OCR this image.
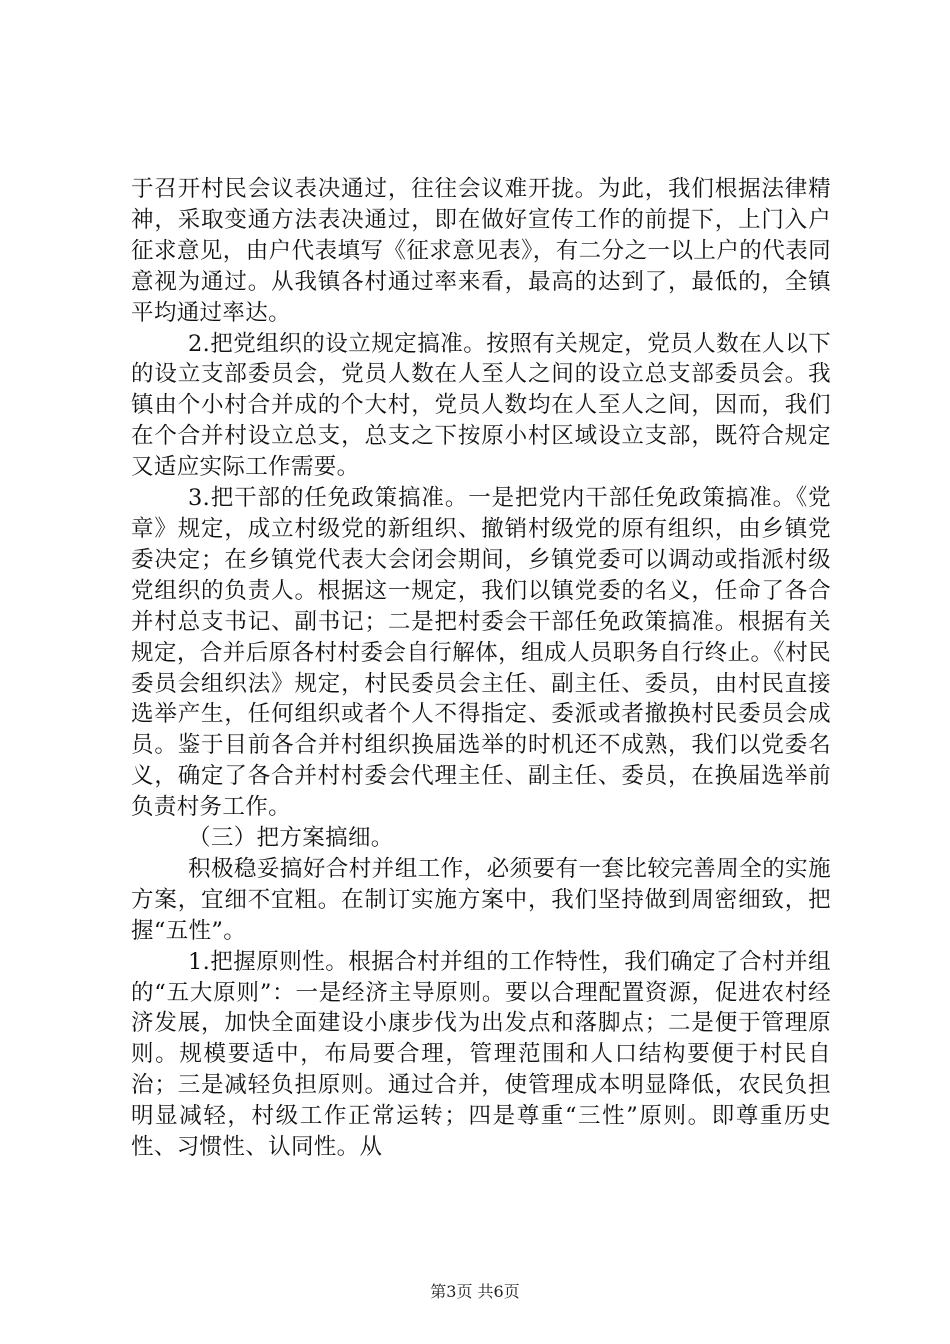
于召开村民会议表决通过，往往会议难开拢。为此，我们根据法律精神，采取变通方法表决通过，即在做好宣传工作的前提下，上门入户征求意见，由户代表填写《征求意见表》，有二分之一以上户的代表同意视为通过。从我镇各村通过率来看，最高的达到了，最低的，全镇平均通过率达。

2.把党组织的设立规定搞准。按照有关规定，党员人数在人以下的设立支部委员会，党员人数在人至人之间的设立总支部委员会。我镇由个小村合并成的个大村，党员人数均在人至人之间，因而，我们在个合并村设立总支，总支之下按原小村区域设立支部，既符合规定又适应实际工作需要。

3.把干部的任免政策搞准。一是把党内干部任免政策搞准。《党章》规定，成立村级党的新组织、撤销村级党的原有组织，由乡镇党委决定；在乡镇党代表大会闭会期间，乡镇党委可以调动或指派村级党组织的负责人。根据这一规定，我们以镇党委的名义，任命了各合并村总支书记、副书记；二是把村委会干部任免政策搞准。根据有关规定，合并后原各村村委会自行解体，组成人员职务自行终止。《村民委员会组织法》规定，村民委员会主任、副主任、委员，由村民直接选举产生，任何组织或者个人不得指定、委派或者撤换村民委员会成员。鉴于目前各合并村组织换届选举的时机还不成熟，我们以党委名义，确定了各合并村村委会代理主任、副主任、委员，在换届选举前负责村务工作。

（三）把方案搞细。

积极稳妥搞好合村并组工作，必须要有一套比较完善周全的实施方案，宜细不宜粗。在制订实施方案中，我们坚持做到周密细致，把握“五性”。

1.把握原则性。根据合村并组的工作特性，我们确定了合村并组的“五大原则”：一是经济主导原则。要以合理配置资源，促进农村经济发展，加快全面建设小康步伐为出发点和落脚点；二是便于管理原则。规模要适中，布局要合理，管理范围和人口结构要便于村民自治；三是减轻负担原则。通过合并，使管理成本明显降低，农民负担明显减轻，村级工作正常运转；四是尊重“三性”原则。即尊重历史性、习惯性、认同性。从

第3页 共6页
